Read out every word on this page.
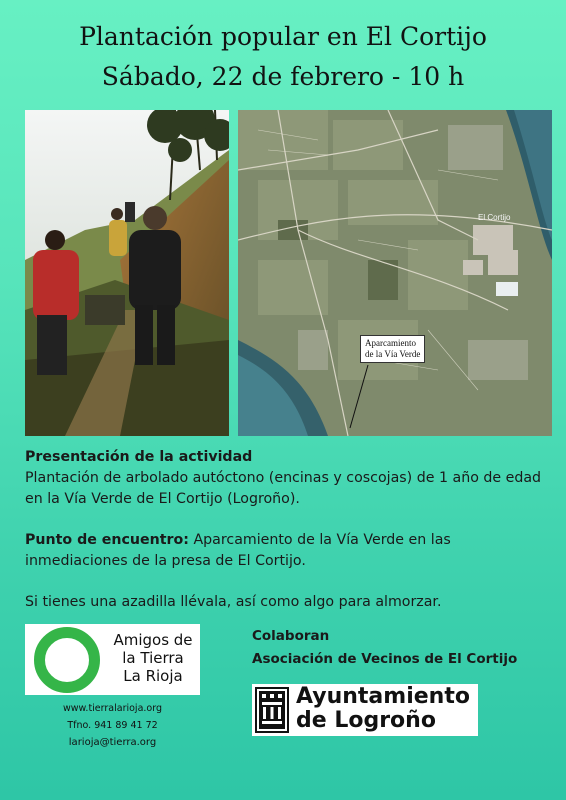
Plantación popular en El Cortijo
Sábado, 22 de febrero - 10 h
El Cortijo
Aparcamiento
de la Vía Verde
Presentación de la actividad
Plantación de arbolado autóctono (encinas y coscojas) de 1 año de edad en la Vía Verde de El Cortijo (Logroño).
Punto de encuentro: Aparcamiento de la Vía Verde en las inmediaciones de la presa de El Cortijo.
Si tienes una azadilla llévala, así como algo para almorzar.
Amigos de
la Tierra
La Rioja
www.tierralarioja.org
Tfno. 941 89 41 72
larioja@tierra.org
Colaboran
Asociación de Vecinos de El Cortijo
Ayuntamiento
de Logroño
